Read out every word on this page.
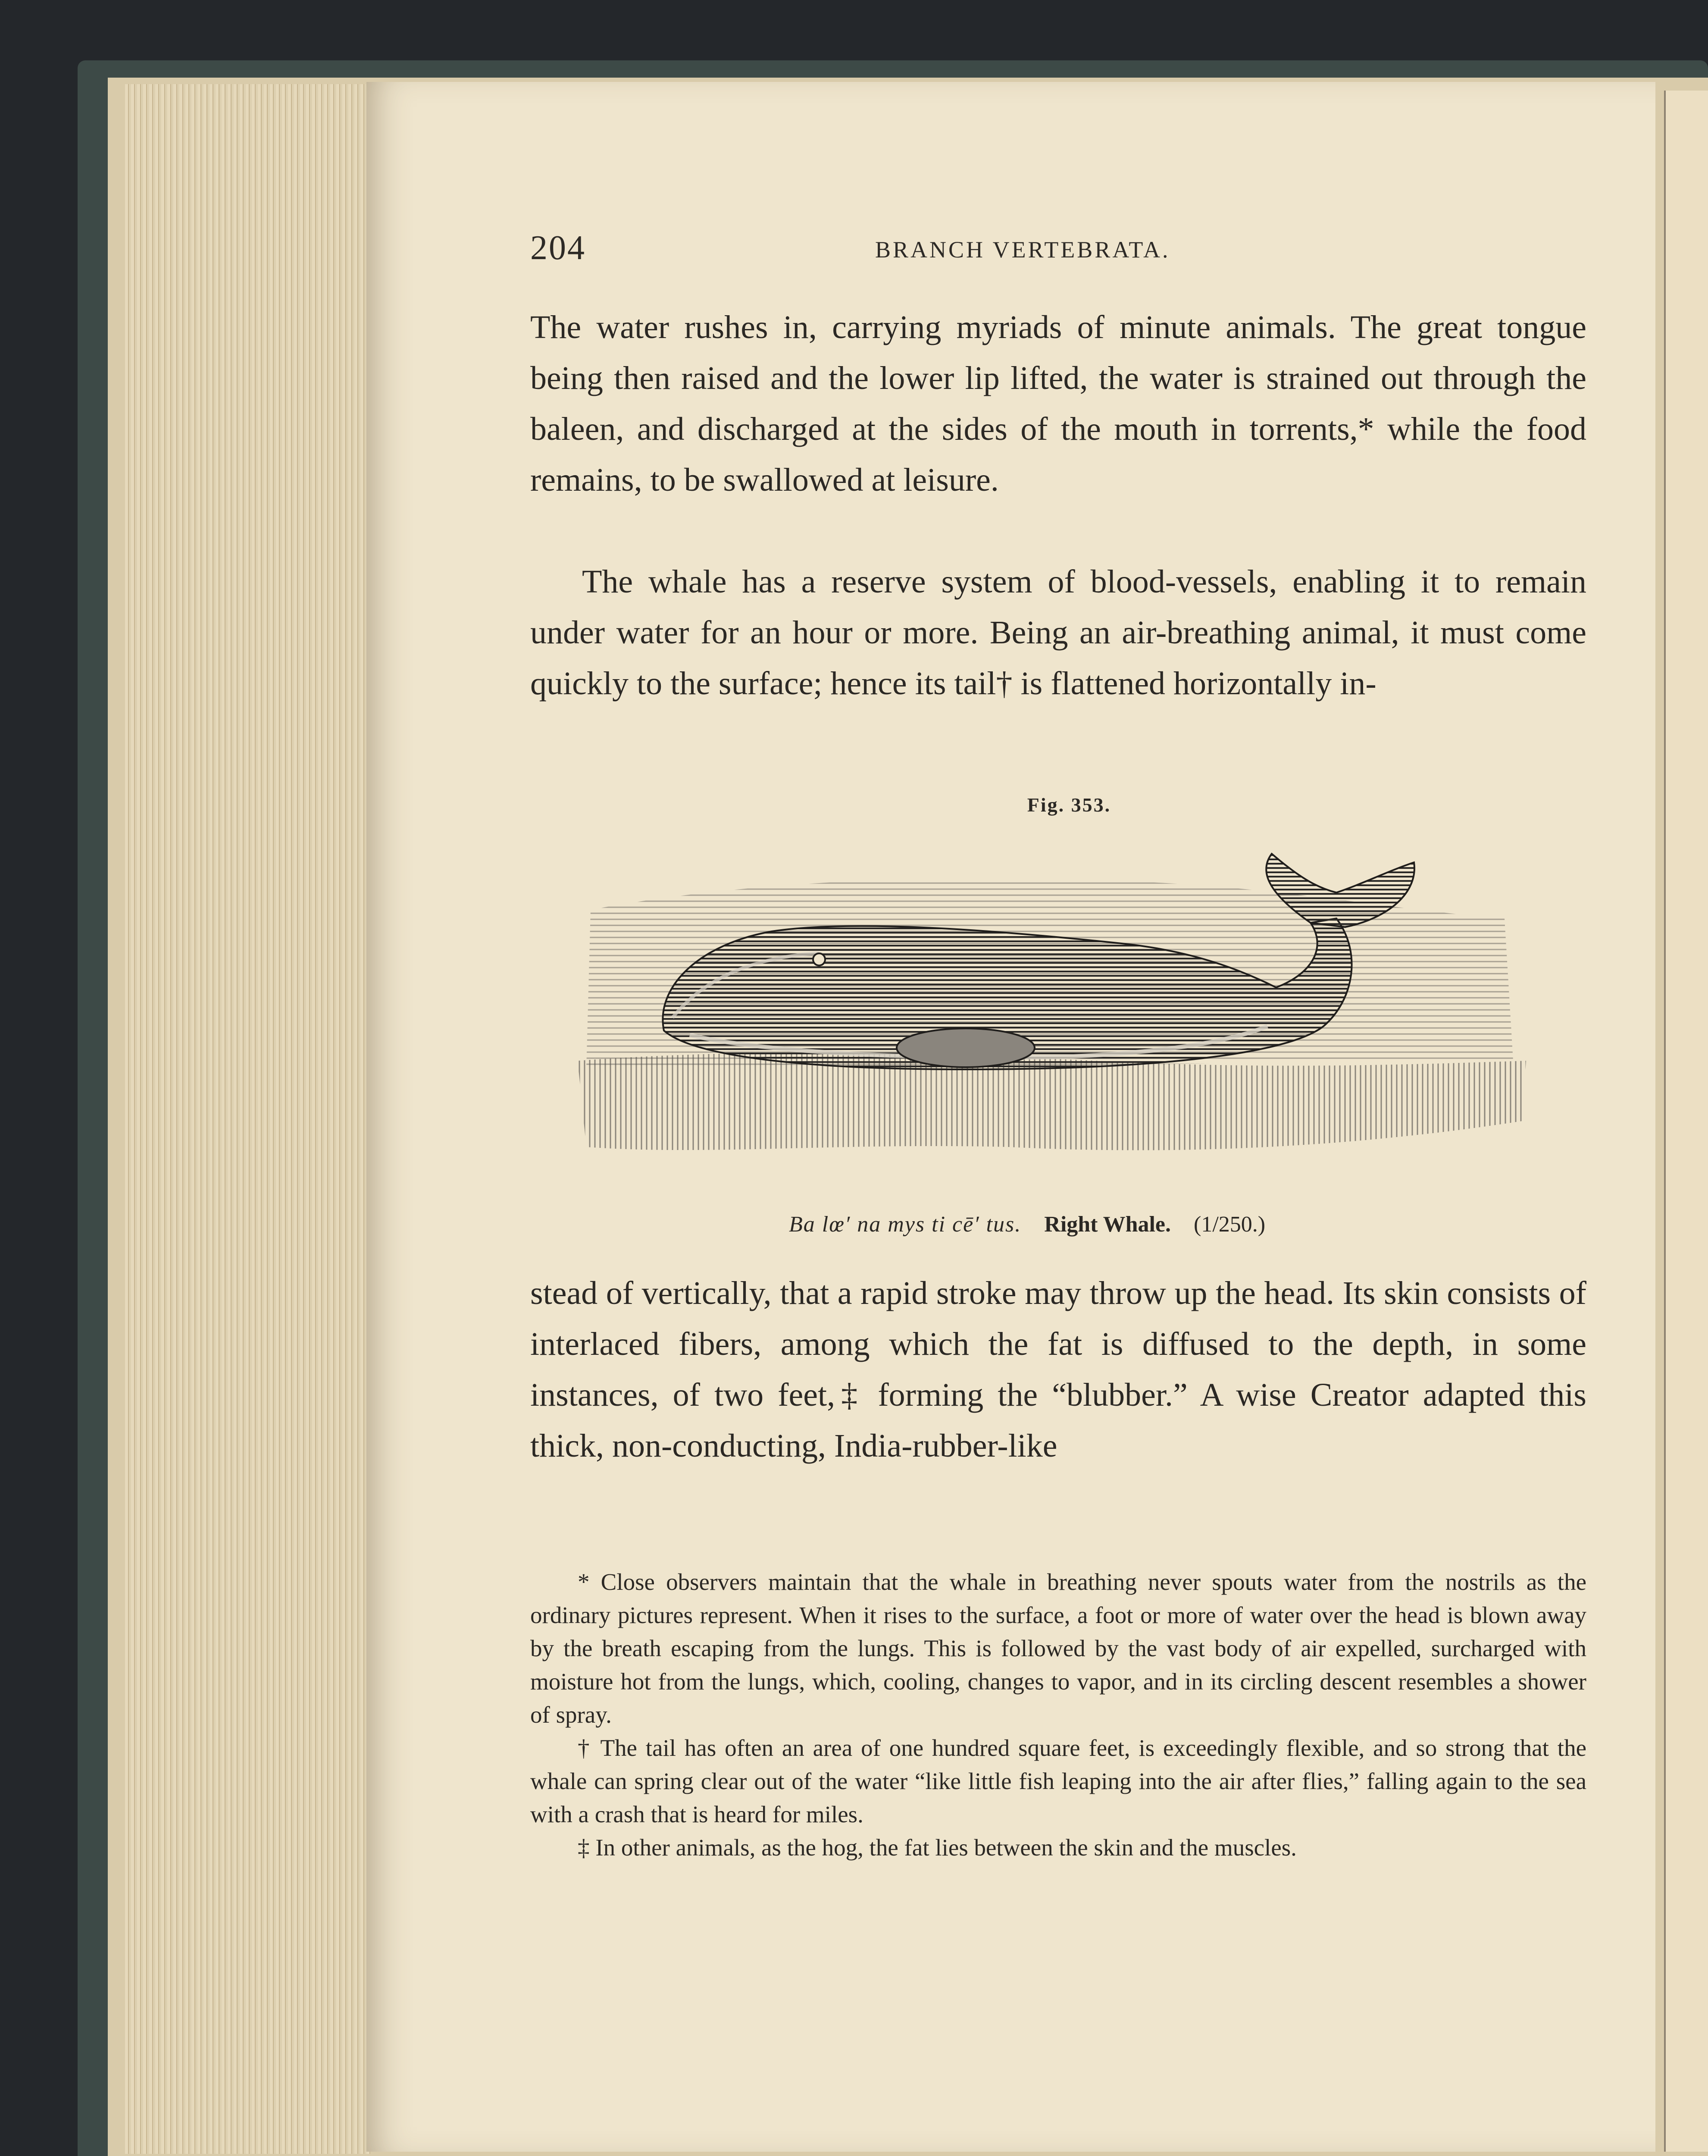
204	BRANCH VERTEBRATA.

The water rushes in, carrying myriads of minute animals. The great tongue being then raised and the lower lip lifted, the water is strained out through the baleen, and discharged at the sides of the mouth in torrents,* while the food remains, to be swallowed at leisure.

The whale has a reserve system of blood-vessels, enabling it to remain under water for an hour or more. Being an air-breathing animal, it must come quickly to the surface; hence its tail† is flattened horizontally in-

Fig. 353.
Ba lœ′ na mys ti cē′ tus. Right Whale. (1/250.)

stead of vertically, that a rapid stroke may throw up the head. Its skin consists of interlaced fibers, among which the fat is diffused to the depth, in some instances, of two feet,‡ forming the “blubber.” A wise Creator adapted this thick, non-conducting, India-rubber-like

* Close observers maintain that the whale in breathing never spouts water from the nostrils as the ordinary pictures represent. When it rises to the surface, a foot or more of water over the head is blown away by the breath escaping from the lungs. This is followed by the vast body of air expelled, surcharged with moisture hot from the lungs, which, cooling, changes to vapor, and in its circling descent resembles a shower of spray.

† The tail has often an area of one hundred square feet, is exceedingly flexible, and so strong that the whale can spring clear out of the water “like little fish leaping into the air after flies,” falling again to the sea with a crash that is heard for miles.

‡ In other animals, as the hog, the fat lies between the skin and the muscles.
